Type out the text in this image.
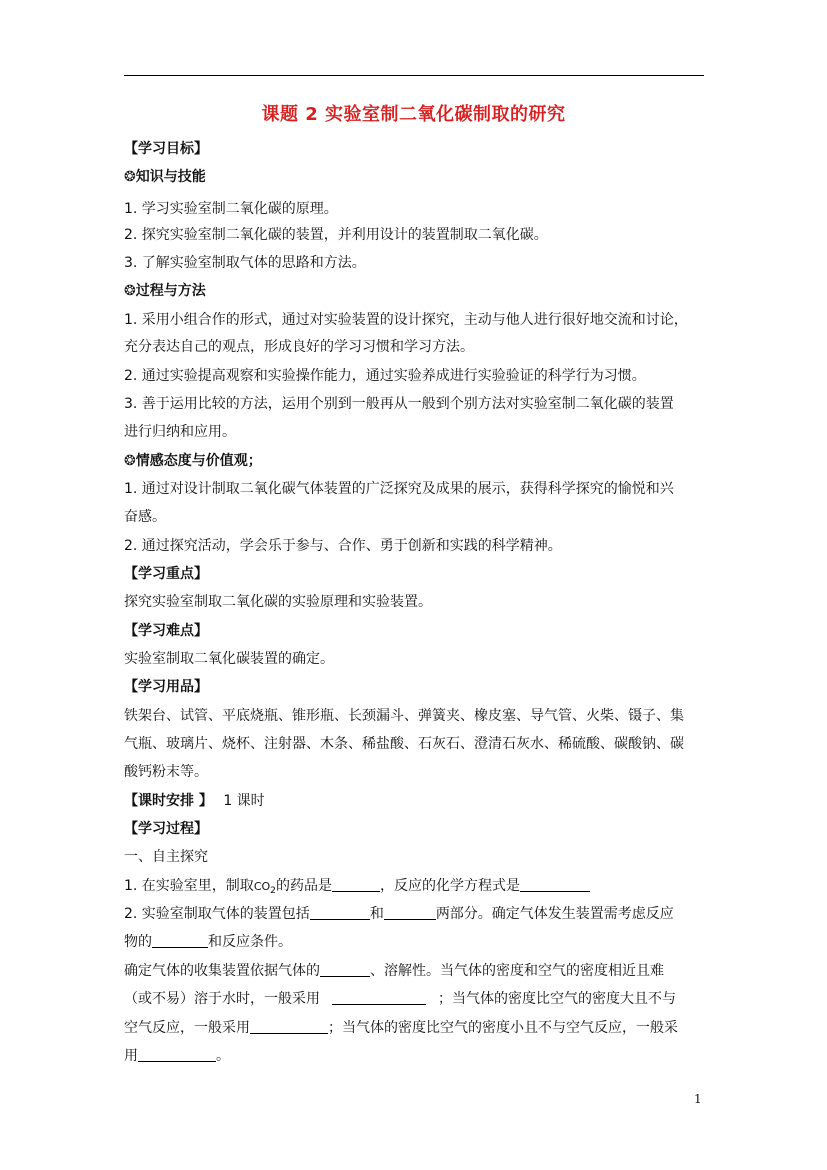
课题 2 实验室制二氧化碳制取的研究
【学习目标】
❂知识与技能
1. 学习实验室制二氧化碳的原理。
2. 探究实验室制二氧化碳的装置，并利用设计的装置制取二氧化碳。
3. 了解实验室制取气体的思路和方法。
❂过程与方法
1. 采用小组合作的形式，通过对实验装置的设计探究，主动与他人进行很好地交流和讨论，
充分表达自己的观点，形成良好的学习习惯和学习方法。
2. 通过实验提高观察和实验操作能力，通过实验养成进行实验验证的科学行为习惯。
3. 善于运用比较的方法，运用个别到一般再从一般到个别方法对实验室制二氧化碳的装置
进行归纳和应用。
❂情感态度与价值观；
1. 通过对设计制取二氧化碳气体装置的广泛探究及成果的展示，获得科学探究的愉悦和兴
奋感。
2. 通过探究活动，学会乐于参与、合作、勇于创新和实践的科学精神。
【学习重点】
探究实验室制取二氧化碳的实验原理和实验装置。
【学习难点】
实验室制取二氧化碳装置的确定。
【学习用品】
铁架台、试管、平底烧瓶、锥形瓶、长颈漏斗、弹簧夹、橡皮塞、导气管、火柴、镊子、集
气瓶、玻璃片、烧杯、注射器、木条、稀盐酸、石灰石、澄清石灰水、稀硫酸、碳酸钠、碳
酸钙粉末等。
【课时安排 】 1 课时
【学习过程】
一、自主探究
1. 在实验室里，制取$CO_2$的药品是	，反应的化学方程式是
2. 实验室制取气体的装置包括	和	两部分。确定气体发生装置需考虑反应
物的	和反应条件。
确定气体的收集装置依据气体的	、溶解性。当气体的密度和空气的密度相近且难
（或不易）溶于水时，一般采用	；当气体的密度比空气的密度大且不与
空气反应，一般采用	；当气体的密度比空气的密度小且不与空气反应，一般采
用	。
1
